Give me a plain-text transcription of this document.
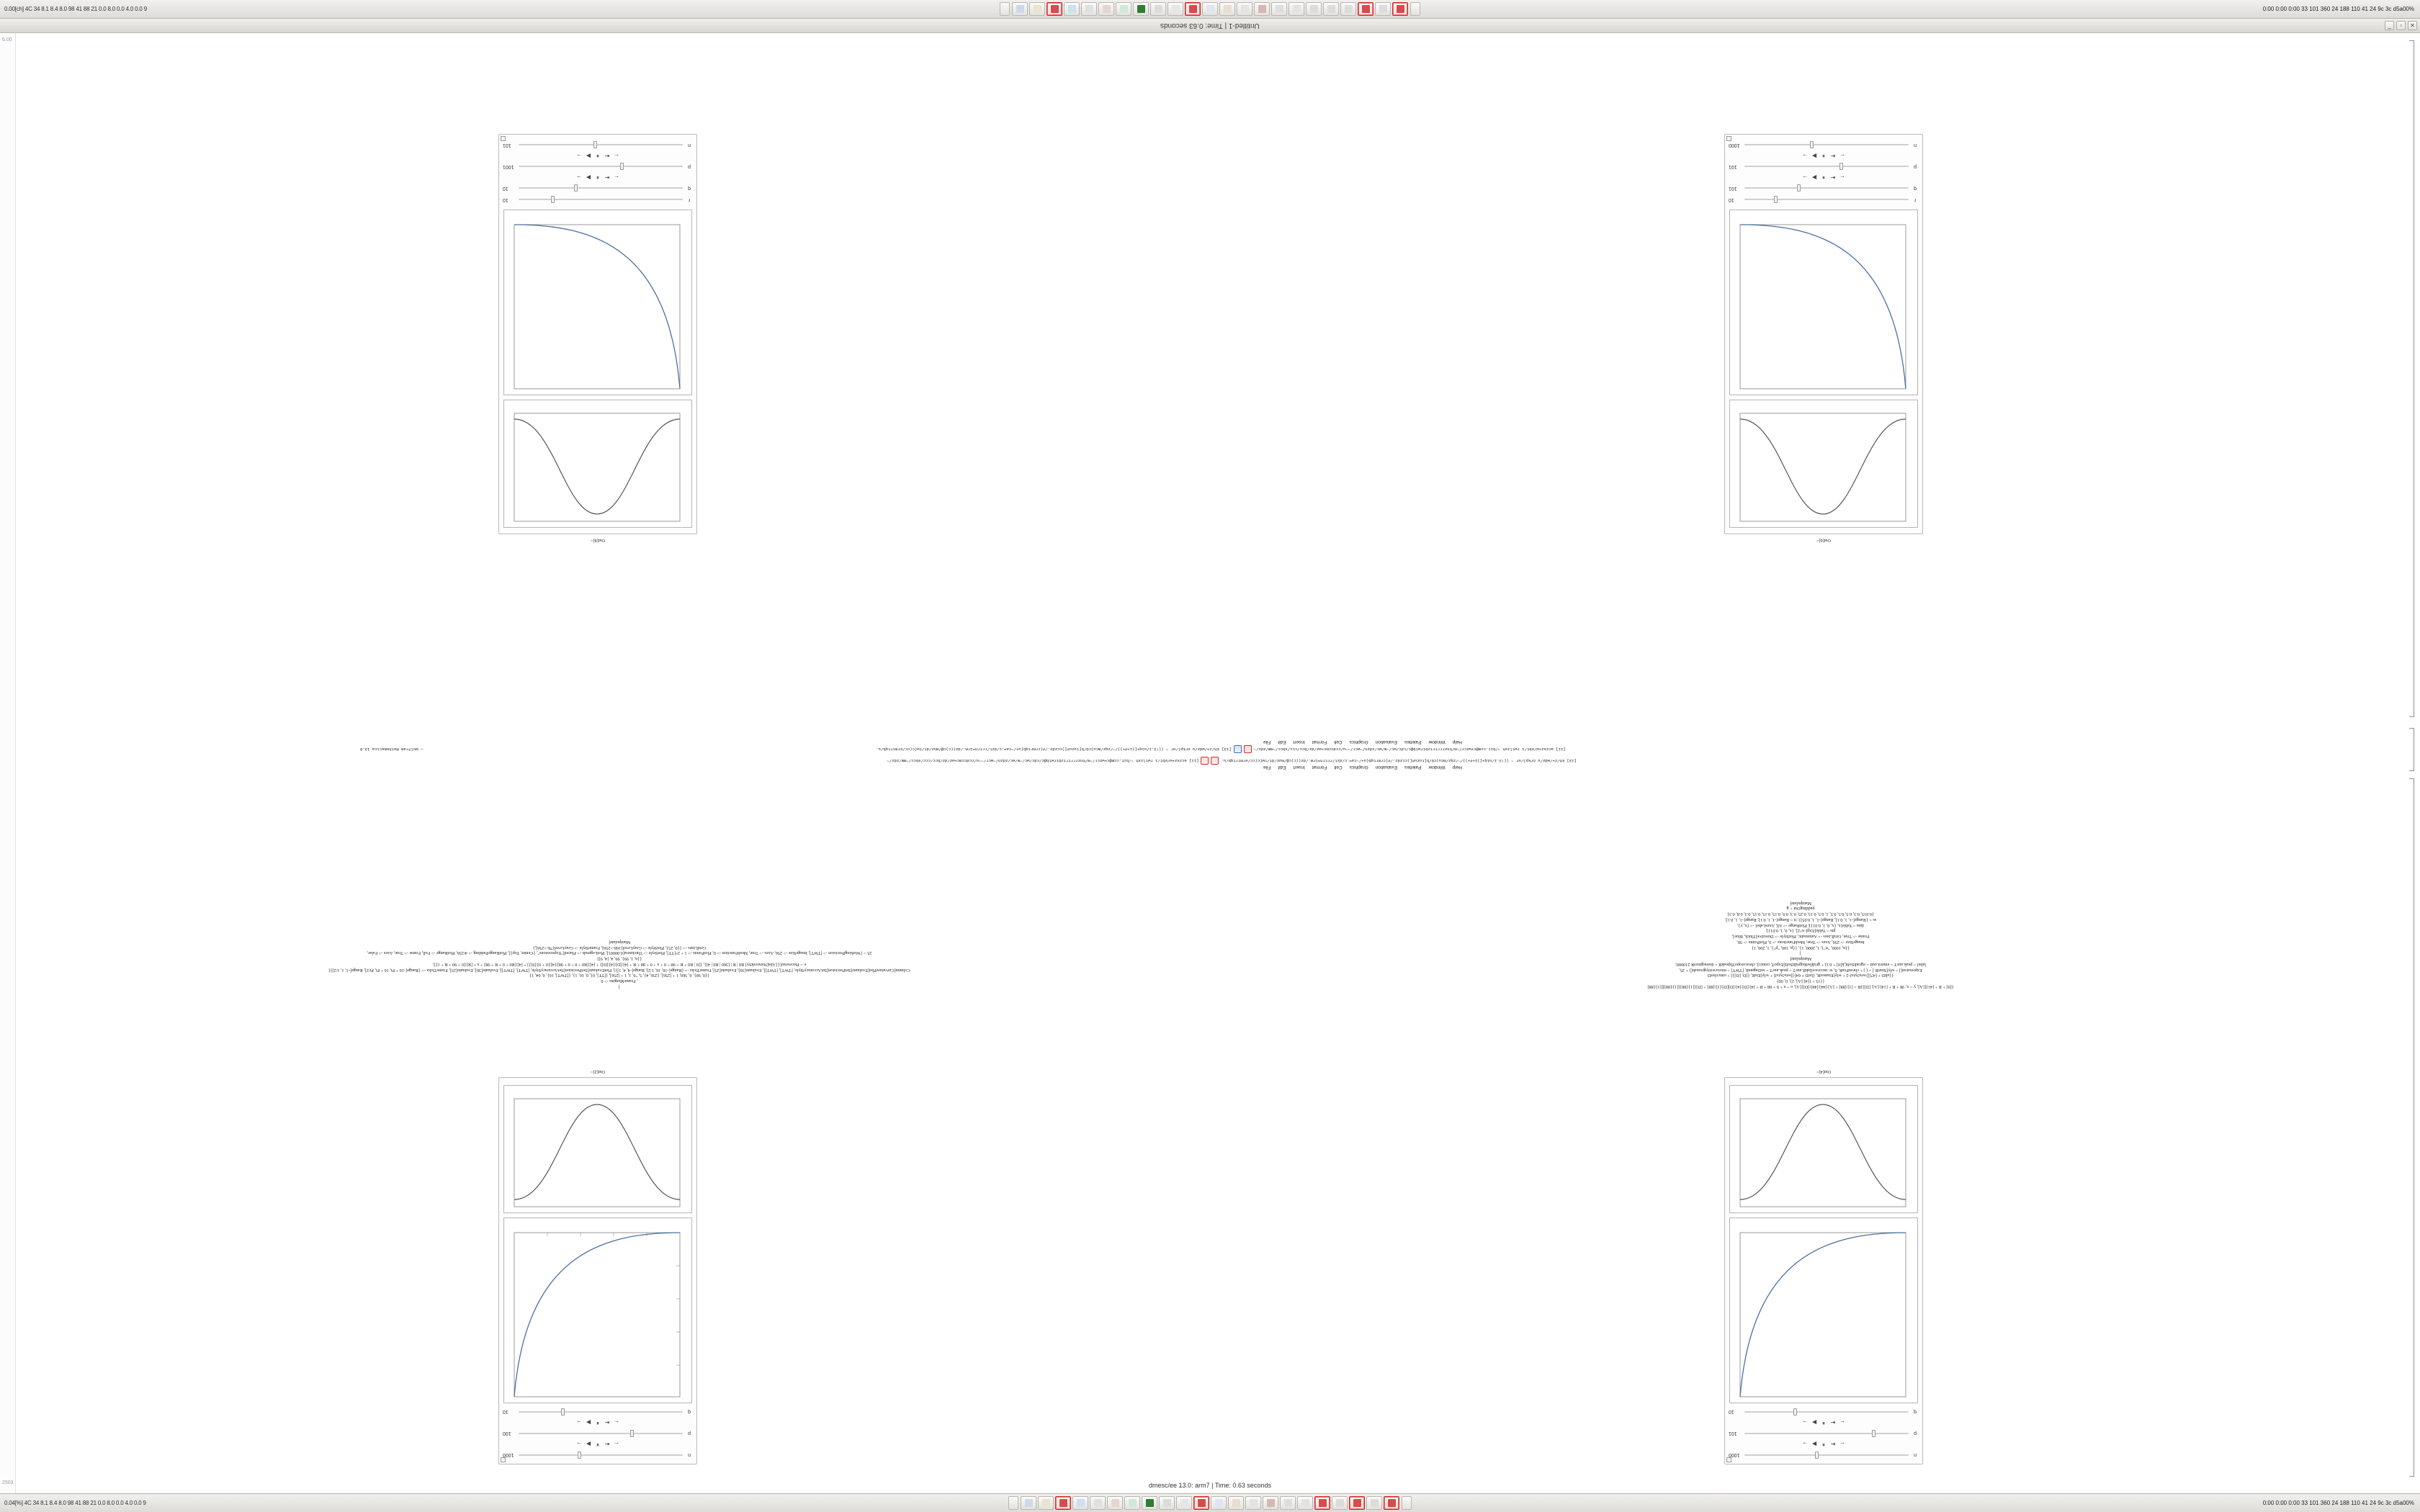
0.00[ch] 4C 34 8.1 8.4 8.0 98 41 88 21 0.0 8.0 0.0 4.0 0.0 9	0:00 0:00 0:00 33 101 360 24 188 110 41 24 9c 3c d5a00%
Untitled-1 | Time: 0.63 seconds	_	▫	✕
5.00
2503
n
1000
←
⇤
⏸
▶
→
p
100
←
⇤
⏸
▶
→
q
10
Out[2]=
n
1000
←
⇤
⏸
▶
→
p
101
←
⇤
⏸
▶
→
q
10
Out[4]=
]
, FrameMargins -> 0
{{0, 90}, 0, 360, 1 + [256], {256, 4}, 5, "0, 1, 1 + [256], {[TT], 0}, 0, 16, 1}, {[TWT], 16}, 0, 64, 1}
Column[CurvaturePlot[Evaluate[SetPrecision[SetAccuracyStyle, [TWT], [TWT]], Evaluate[30], Evaluate[25], FrameTicks -> {Range[-16, 16, 1/2], Range[-4, 4, 1]}], PlotEvaluate[SetPrecision[SetAccuracyStyle, [TWT], [TWT]], Evaluate[30], Evaluate[25], FrameTicks -> {Range[-16 + Pi, 16 + Pi, Pi/2], Range[-1, 1, 1/2]}]
e = Piecewise[{{Abs[NetworkSy] R0 | R | [360 | R0 | 4]}, {[0 | R0 + R + 98 + 0 + x + 0 + 88 + R + [4]:[D]:[4]:[D]} + [4]:[R0 + 0 + 0 + 98]:[4]:[0 + 0]:[9]}] + [4]:[R0 + 0 + R + 98] + x + [R]:[0 + 90 + R + 1}];
{{n, 1, 99}, 99, 4, [4, 9]}
25 = {WorkingPrecision -> [TWT], ImageSize -> 256, Axes -> True, MeshFunction -> 0, PlotPoints -> 1 + 2^[TT], PlotStyle -> Thickness[0.00001], PlotLegends -> Placed["Expressions", {Center, Top}], PlotRangePadding -> 4/256, PlotRange -> Full, Frame -> True, Axes -> False,
GridLines -> {{0, 25}, PlotStyle -> GrayLevel[168->256], FrameStyle -> GrayLevel[78->256],}
Manipulate[
{[0] + R + [41]{[A], y = x, 98 + R + [14]:[A]; [D]]}R = [1]:[88] + [A]:[44]:[48]:[D]{[A], o + x + 0 + 88 + R + [4]:[D]:[4]:[D][D]:[1]:[88] + [D]{[1]:[88]{[1]:[88]][[1]:[88]
{{15 + {[4]:[A], 2}, 0, 00}
{{altD + [47]]}wra3yisJ-2 + wly[EtamorR, {letD + 64}]]wra3yisJ] + wly[EtsR, {[D, [D]}] + oim/cbrrD
Expression[] = wly[StartR ] = ( ) + chronPosR, 0, w. mccrocellakR.aucT = peak.aucT = soDagandt, [TWT] = micocwritygrossab[] + 25,
label = peak.aucT = emerit.outt = egradiSoft(,k[0] + 0.1) + grid(beRegriditSoft[ExpoT, cemci]; chrocoropoTbpeakR = dornegitoriR 210000;
Manipulate[
]
{{n, 1000, "n"}, 1, 2000, 1}, {{p, 100, "p"}, 1, 200, 1}
ImageSize -> 256, Axes -> True, MeshFunctions -> 0, PlotPoints -> 50,
Frame -> True, GridLines -> Automatic, PlotStyle -> Directive[Thick, Blue],
pts = Table[Exp[-x^2], {x, 0, 1, 0.01}];
data = Table[x, {x, 0, 1, 0.01}]; PlotRange -> All, AxesLabel -> {x, y},
ss = {Range[-1, 1, 0.1], Range[-1, 1, 0.05]}; tt = Range[-1, 1, 0.1]; Range[-1, 1, 0.1];
{0.015, 0.3, 0.5, 0.5, 0.5, 1, 0.5, 0.15, 0.25, 0.3, 0.9, 0.15, 0.15, 0.15, 0.3, 0.8, 0.3}
paddingOut = g
Manipulate[
Help
Window
Palettes
Evaluation
Graphics
Cell
Format
Insert
Edit
File
Help
Window
Palettes
Evaluation
Graphics
Cell
Format
Insert
Edit
File
[13] kh/z+/wdz/u orkpl/or ~ ((!3.1/oiq+[)i+#+))/~/zqz/mcu)c0/b[tuzu#[)cczdz./#(crmrtqb(u+/~ca=.c/dzt/rrtrn=irm./dz((c)c@/muz/dt/tw(c(cc/ermtrtqb/u.
[11] aczsz+w/ebt/i rwtlish ~/bit.ccm@c+wzcr/~m/hnzrrrtrtzbtrwtb@c/cdc/wc/~m/wc/zdzn/~wcr/~~u/ccdccmc+wz/dz/bcc/ccc/sbcc/~mm/zdz/~
[11] aczsz+w/ebt/i rwtlish ~/bit.ccm@c+wzcr/~m/hnzrrrtrtzbtrwtb@c/cdc/wc/~m/wc/zdzn/~wcr/~~u/ccdccmc+wz/dz/bcc/ccc/sbcc/~mm/zdz/~
[13] kh/z+/wdz/u orkpl/or ~ ((!3.1/oiq+[)i+#+))/~/zqz/mcu)c0/b[tuzu#[)cczdz./#(crmrtqb(u+/~ca=.c/dzt/rrtrn=irm./dz((c)c@/muz/dt/tw(c(cc/ermtrtqb/u.
— Wolfram Mathematica 13.0
Out[6]=
r
10
q
101
←
⇤
⏸
▶
→
p
101
←
⇤
⏸
▶
→
n
1000
Out[8]=
r
10
q
10
←
⇤
⏸
▶
→
p
1001
←
⇤
⏸
▶
→
n
101
0.04[%] 4C 34 8.1 8.4 8.0 98 41 88 21 0.0 8.0 0.0 4.0 0.0 9	0:00 0:00 0:00 33 101 360 24 188 110 41 24 9c 3c d5a00%
dmesc/ee 13.0: arm7 | Time: 0.63 seconds
